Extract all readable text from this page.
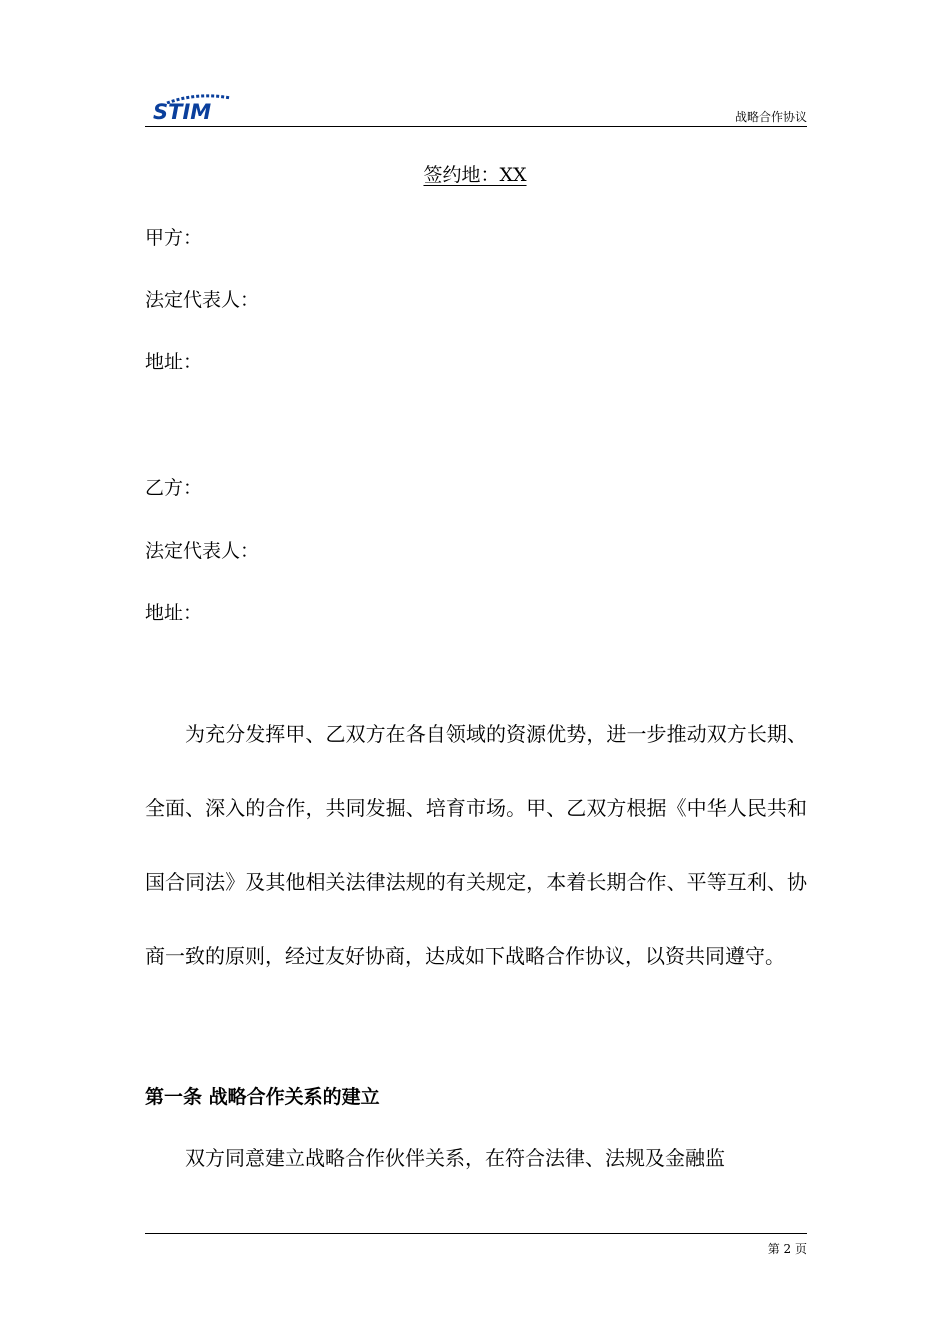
STIM	战略合作协议
签约地：XX
甲方：
法定代表人：
地址：
乙方：
法定代表人：
地址：

为充分发挥甲、乙双方在各自领域的资源优势，进一步推动双方长期、全面、深入的合作，共同发掘、培育市场。甲、乙双方根据《中华人民共和国合同法》及其他相关法律法规的有关规定，本着长期合作、平等互利、协商一致的原则，经过友好协商，达成如下战略合作协议，以资共同遵守。

第一条 战略合作关系的建立

双方同意建立战略合作伙伴关系，在符合法律、法规及金融监

第 2 页
